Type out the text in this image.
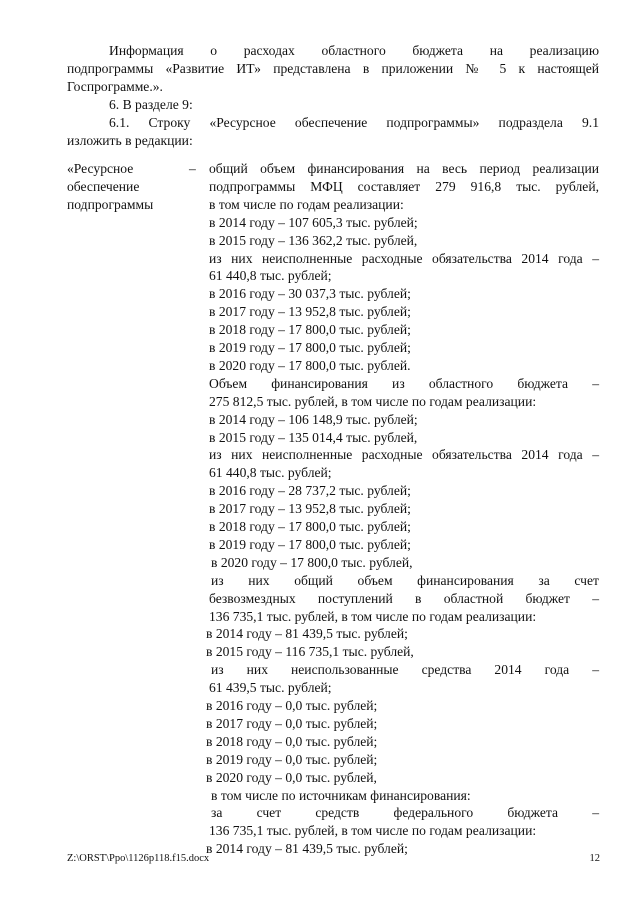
Информация о расходах областного бюджета на реализацию
подпрограммы «Развитие ИТ» представлена в приложении № 5 к настоящей
Госпрограмме.».
6. В разделе 9:
6.1. Строку «Ресурсное обеспечение подпрограммы» подраздела 9.1
изложить в редакции:
«Ресурсное	–
обеспечение
подпрограммы
общий объем финансирования на весь период реализации
подпрограммы МФЦ составляет 279 916,8 тыс. рублей,
в том числе по годам реализации:
в 2014 году – 107 605,3 тыс. рублей;
в 2015 году – 136 362,2 тыс. рублей,
из них неисполненные расходные обязательства 2014 года –
61 440,8 тыс. рублей;
в 2016 году – 30 037,3 тыс. рублей;
в 2017 году – 13 952,8 тыс. рублей;
в 2018 году – 17 800,0 тыс. рублей;
в 2019 году – 17 800,0 тыс. рублей;
в 2020 году – 17 800,0 тыс. рублей.
Объем финансирования из областного бюджета –
275 812,5 тыс. рублей, в том числе по годам реализации:
в 2014 году – 106 148,9 тыс. рублей;
в 2015 году – 135 014,4 тыс. рублей,
из них неисполненные расходные обязательства 2014 года –
61 440,8 тыс. рублей;
в 2016 году – 28 737,2 тыс. рублей;
в 2017 году – 13 952,8 тыс. рублей;
в 2018 году – 17 800,0 тыс. рублей;
в 2019 году – 17 800,0 тыс. рублей;
в 2020 году – 17 800,0 тыс. рублей,
из них общий объем финансирования за счет
безвозмездных поступлений в областной бюджет –
136 735,1 тыс. рублей, в том числе по годам реализации:
в 2014 году – 81 439,5 тыс. рублей;
в 2015 году – 116 735,1 тыс. рублей,
из них неиспользованные средства 2014 года –
61 439,5 тыс. рублей;
в 2016 году – 0,0 тыс. рублей;
в 2017 году – 0,0 тыс. рублей;
в 2018 году – 0,0 тыс. рублей;
в 2019 году – 0,0 тыс. рублей;
в 2020 году – 0,0 тыс. рублей,
в том числе по источникам финансирования:
за счет средств федерального бюджета –
136 735,1 тыс. рублей, в том числе по годам реализации:
в 2014 году – 81 439,5 тыс. рублей;
Z:\ORST\Ppo\1126p118.f15.docx	12
